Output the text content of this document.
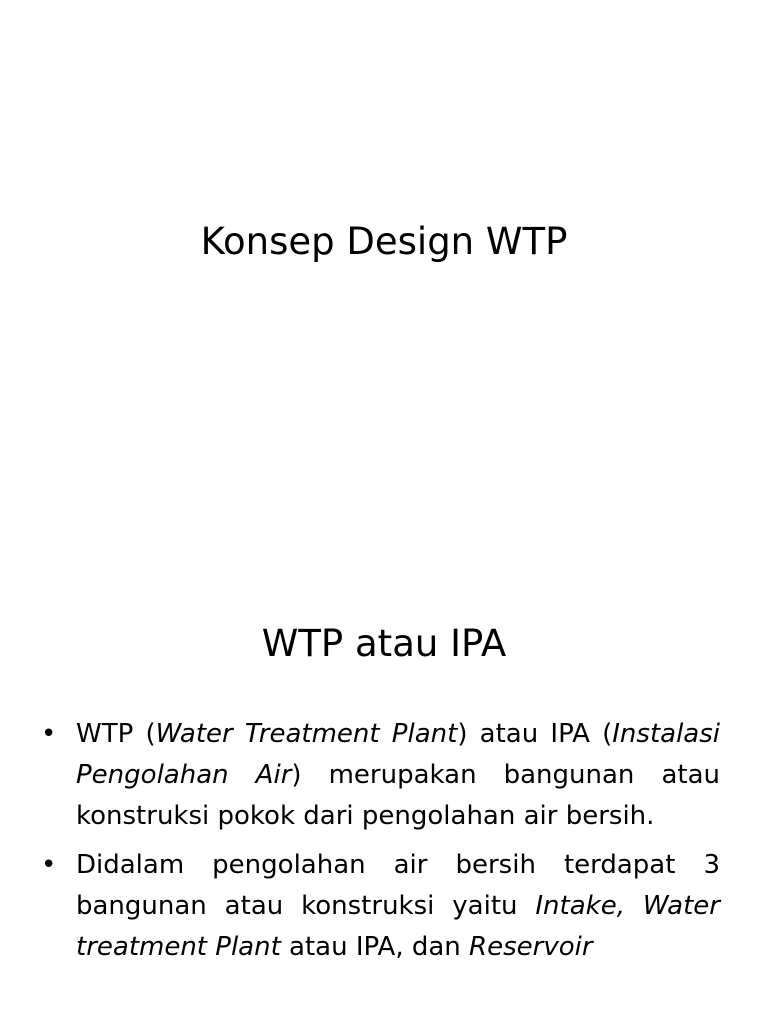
Konsep Design WTP
WTP atau IPA
• WTP (Water Treatment Plant) atau IPA (Instalasi Pengolahan Air) merupakan bangunan atau konstruksi pokok dari pengolahan air bersih.
• Didalam pengolahan air bersih terdapat 3 bangunan atau konstruksi yaitu Intake, Water treatment Plant atau IPA, dan Reservoir
